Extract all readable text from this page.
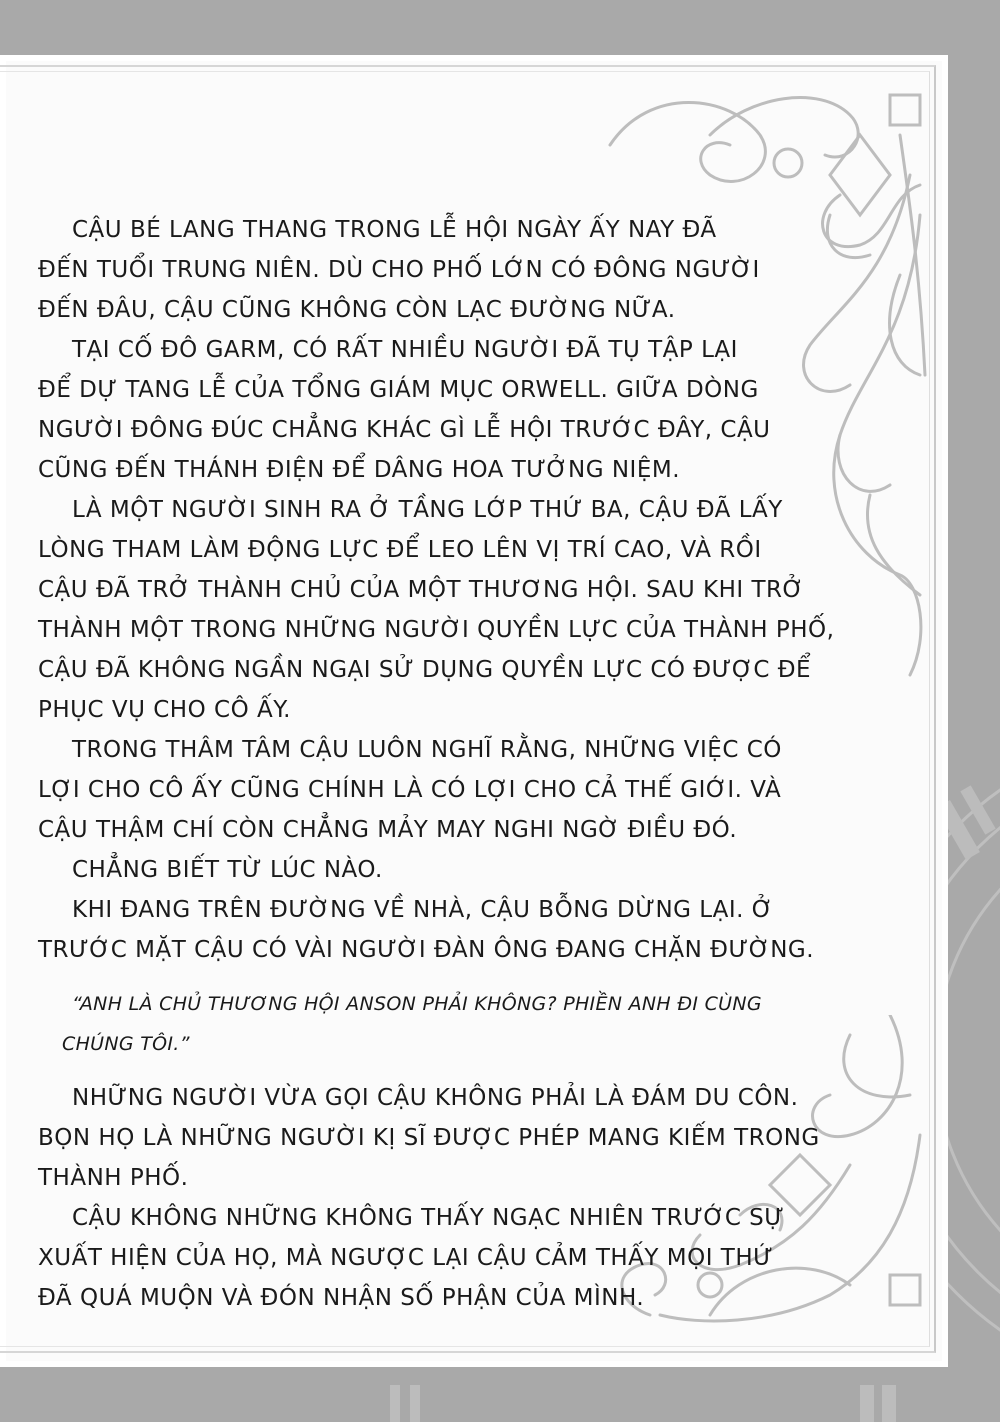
CẬU BÉ LANG THANG TRONG LỄ HỘI NGÀY ẤY NAY ĐÃ
ĐẾN TUỔI TRUNG NIÊN. DÙ CHO PHỐ LỚN CÓ ĐÔNG NGƯỜI
ĐẾN ĐÂU, CẬU CŨNG KHÔNG CÒN LẠC ĐƯỜNG NỮA.
TẠI CỐ ĐÔ GARM, CÓ RẤT NHIỀU NGƯỜI ĐÃ TỤ TẬP LẠI
ĐỂ DỰ TANG LỄ CỦA TỔNG GIÁM MỤC ORWELL. GIỮA DÒNG
NGƯỜI ĐÔNG ĐÚC CHẲNG KHÁC GÌ LỄ HỘI TRƯỚC ĐÂY, CẬU
CŨNG ĐẾN THÁNH ĐIỆN ĐỂ DÂNG HOA TƯỞNG NIỆM.
LÀ MỘT NGƯỜI SINH RA Ở TẦNG LỚP THỨ BA, CẬU ĐÃ LẤY
LÒNG THAM LÀM ĐỘNG LỰC ĐỂ LEO LÊN VỊ TRÍ CAO, VÀ RỒI
CẬU ĐÃ TRỞ THÀNH CHỦ CỦA MỘT THƯƠNG HỘI. SAU KHI TRỞ
THÀNH MỘT TRONG NHỮNG NGƯỜI QUYỀN LỰC CỦA THÀNH PHỐ,
CẬU ĐÃ KHÔNG NGẦN NGẠI SỬ DỤNG QUYỀN LỰC CÓ ĐƯỢC ĐỂ
PHỤC VỤ CHO CÔ ẤY.
TRONG THÂM TÂM CẬU LUÔN NGHĨ RẰNG, NHỮNG VIỆC CÓ
LỢI CHO CÔ ẤY CŨNG CHÍNH LÀ CÓ LỢI CHO CẢ THẾ GIỚI. VÀ
CẬU THẬM CHÍ CÒN CHẲNG MẢY MAY NGHI NGỜ ĐIỀU ĐÓ.
CHẲNG BIẾT TỪ LÚC NÀO.
KHI ĐANG TRÊN ĐƯỜNG VỀ NHÀ, CẬU BỖNG DỪNG LẠI. Ở
TRƯỚC MẶT CẬU CÓ VÀI NGƯỜI ĐÀN ÔNG ĐANG CHẶN ĐƯỜNG.
“ANH LÀ CHỦ THƯƠNG HỘI ANSON PHẢI KHÔNG? PHIỀN ANH ĐI CÙNG
CHÚNG TÔI.”
NHỮNG NGƯỜI VỪA GỌI CẬU KHÔNG PHẢI LÀ ĐÁM DU CÔN.
BỌN HỌ LÀ NHỮNG NGƯỜI KỊ SĨ ĐƯỢC PHÉP MANG KIẾM TRONG
THÀNH PHỐ.
CẬU KHÔNG NHỮNG KHÔNG THẤY NGẠC NHIÊN TRƯỚC SỰ
XUẤT HIỆN CỦA HỌ, MÀ NGƯỢC LẠI CẬU CẢM THẤY MỌI THỨ
ĐÃ QUÁ MUỘN VÀ ĐÓN NHẬN SỐ PHẬN CỦA MÌNH.
